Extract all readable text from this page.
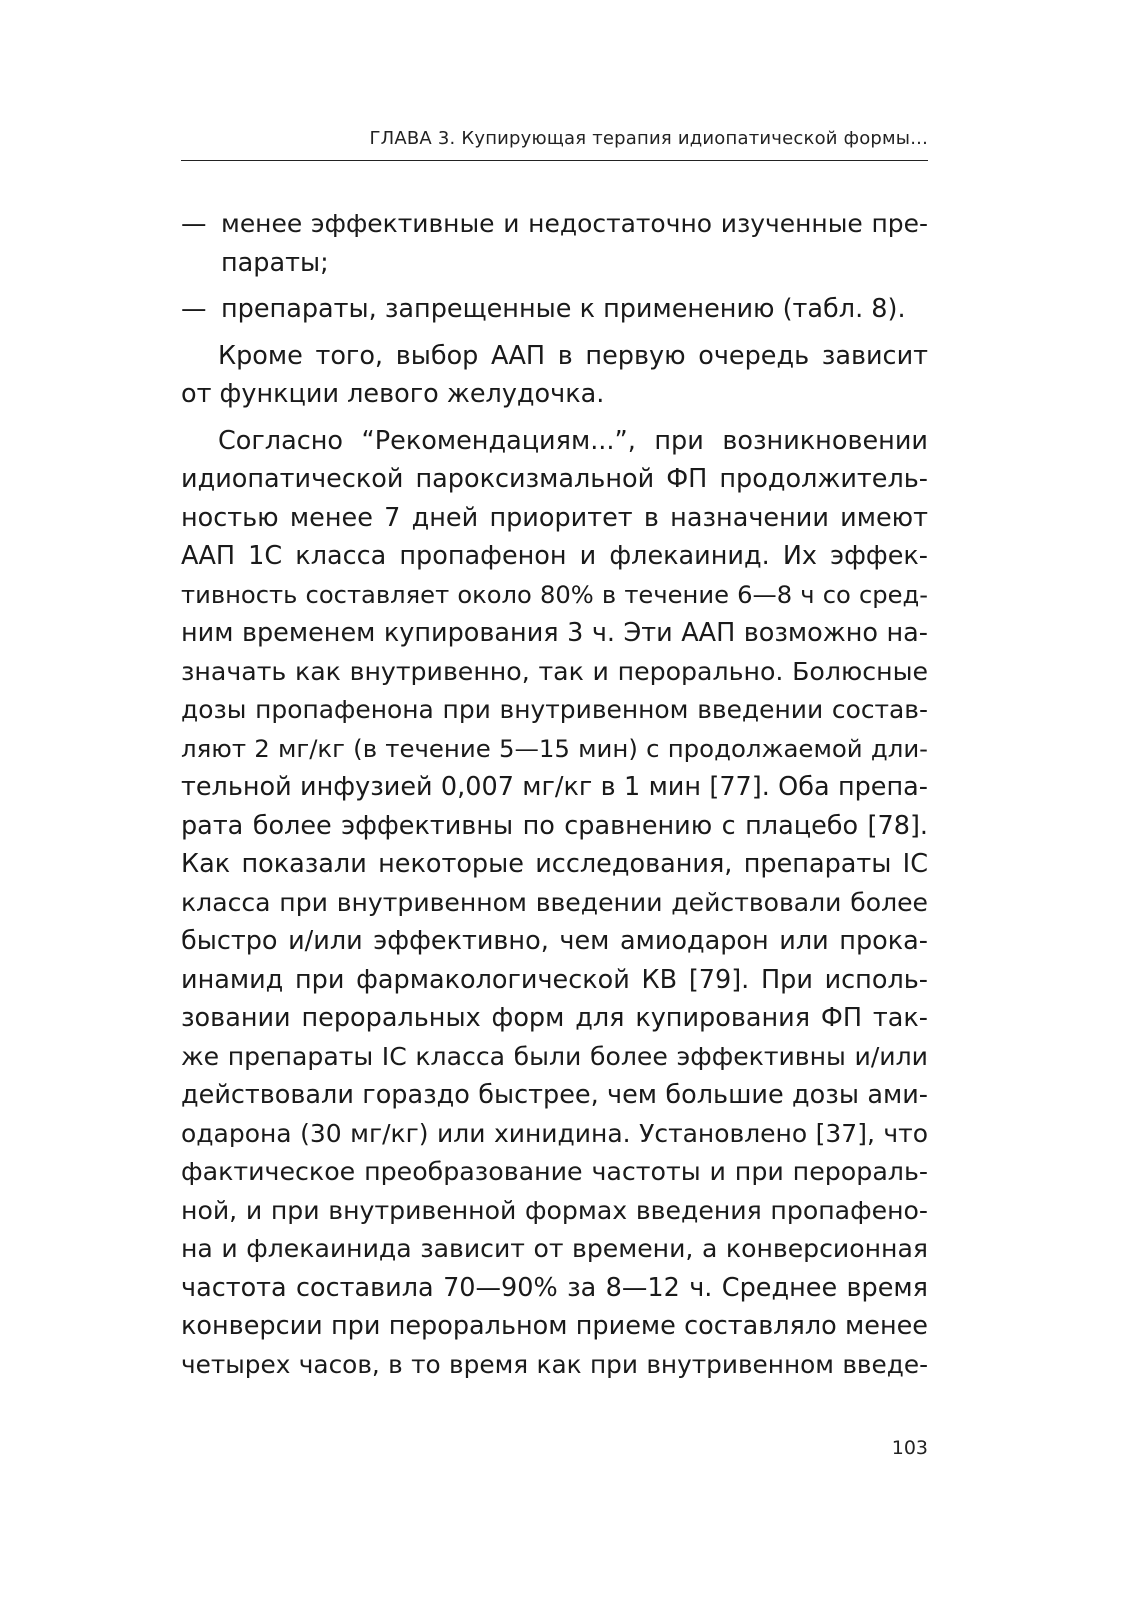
ГЛАВА 3. Купирующая терапия идиопатической формы...
— менее эффективные и недостаточно изученные пре-
параты;
— препараты, запрещенные к применению (табл. 8).
Кроме того, выбор ААП в первую очередь зависит
от функции левого желудочка.
Согласно “Рекомендациям...”, при возникновении
идиопатической пароксизмальной ФП продолжитель-
ностью менее 7 дней приоритет в назначении имеют
ААП 1С класса пропафенон и флекаинид. Их эффек-
тивность составляет около 80% в течение 6—8 ч со сред-
ним временем купирования 3 ч. Эти ААП возможно на-
значать как внутривенно, так и перорально. Болюсные
дозы пропафенона при внутривенном введении состав-
ляют 2 мг/кг (в течение 5—15 мин) с продолжаемой дли-
тельной инфузией 0,007 мг/кг в 1 мин [77]. Оба препа-
рата более эффективны по сравнению с плацебо [78].
Как показали некоторые исследования, препараты IC
класса при внутривенном введении действовали более
быстро и/или эффективно, чем амиодарон или прока-
инамид при фармакологической КВ [79]. При исполь-
зовании пероральных форм для купирования ФП так-
же препараты IC класса были более эффективны и/или
действовали гораздо быстрее, чем большие дозы ами-
одарона (30 мг/кг) или хинидина. Установлено [37], что
фактическое преобразование частоты и при перораль-
ной, и при внутривенной формах введения пропафено-
на и флекаинида зависит от времени, а конверсионная
частота составила 70—90% за 8—12 ч. Среднее время
конверсии при пероральном приеме составляло менее
четырех часов, в то время как при внутривенном введе-
103
